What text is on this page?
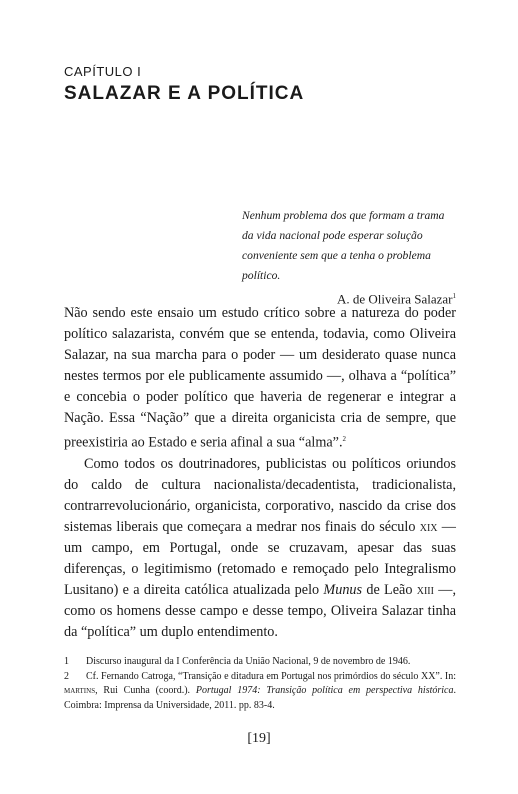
CAPÍTULO I
SALAZAR E A POLÍTICA

Nenhum problema dos que formam a trama da vida nacional pode esperar solução conveniente sem que a tenha o problema político.

A. de Oliveira Salazar$^1$

Não sendo este ensaio um estudo crítico sobre a natureza do poder político salazarista, convém que se entenda, todavia, como Oliveira Salazar, na sua marcha para o poder — um desiderato quase nunca nestes termos por ele publicamente assumido —, olhava a “política” e concebia o poder político que haveria de regenerar e integrar a Nação. Essa “Nação” que a direita organicista cria de sempre, que preexistiria ao Estado e seria afinal a sua “alma”.$^2$

Como todos os doutrinadores, publicistas ou políticos oriundos do caldo de cultura nacionalista/decadentista, tradicionalista, contrarrevolucionário, organicista, corporativo, nascido da crise dos sistemas liberais que começara a medrar nos finais do século xix — um campo, em Portugal, onde se cruzavam, apesar das suas diferenças, o legitimismo (retomado e remoçado pelo Integralismo Lusitano) e a direita católica atualizada pelo Munus de Leão xiii —, como os homens desse campo e desse tempo, Oliveira Salazar tinha da “política” um duplo entendimento.

1 Discurso inaugural da I Conferência da União Nacional, 9 de novembro de 1946.

2 Cf. Fernando Catroga, “Transição e ditadura em Portugal nos primórdios do século XX”. In: martins, Rui Cunha (coord.). Portugal 1974: Transição política em perspectiva histórica. Coimbra: Imprensa da Universidade, 2011. pp. 83-4.

[19]
